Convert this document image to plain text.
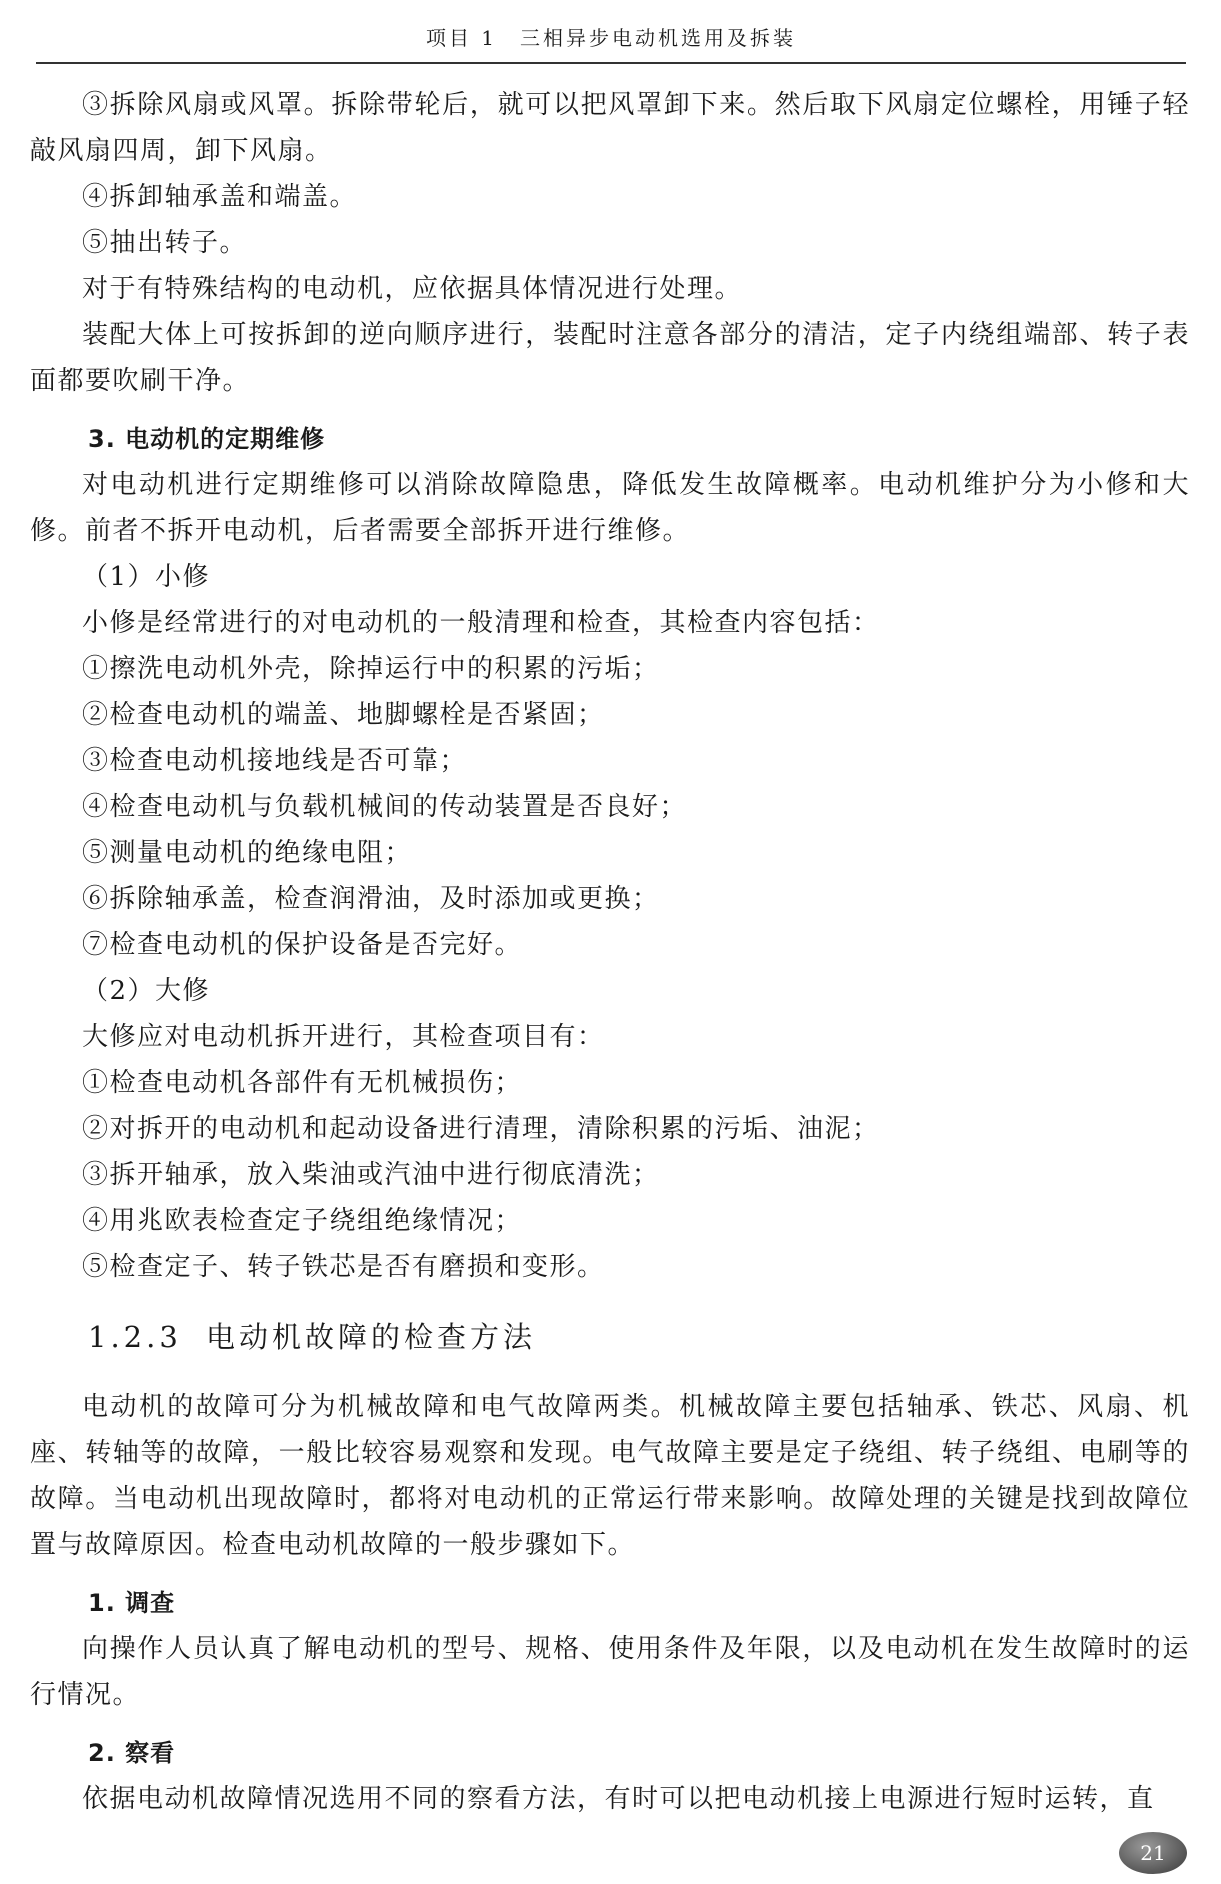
项目 1　三相异步电动机选用及拆装

③拆除风扇或风罩。拆除带轮后，就可以把风罩卸下来。然后取下风扇定位螺栓，用锤子轻敲风扇四周，卸下风扇。

④拆卸轴承盖和端盖。

⑤抽出转子。

对于有特殊结构的电动机，应依据具体情况进行处理。

装配大体上可按拆卸的逆向顺序进行，装配时注意各部分的清洁，定子内绕组端部、转子表面都要吹刷干净。

3. 电动机的定期维修

对电动机进行定期维修可以消除故障隐患，降低发生故障概率。电动机维护分为小修和大修。前者不拆开电动机，后者需要全部拆开进行维修。

（1）小修

小修是经常进行的对电动机的一般清理和检查，其检查内容包括：

①擦洗电动机外壳，除掉运行中的积累的污垢；

②检查电动机的端盖、地脚螺栓是否紧固；

③检查电动机接地线是否可靠；

④检查电动机与负载机械间的传动装置是否良好；

⑤测量电动机的绝缘电阻；

⑥拆除轴承盖，检查润滑油，及时添加或更换；

⑦检查电动机的保护设备是否完好。

（2）大修

大修应对电动机拆开进行，其检查项目有：

①检查电动机各部件有无机械损伤；

②对拆开的电动机和起动设备进行清理，清除积累的污垢、油泥；

③拆开轴承，放入柴油或汽油中进行彻底清洗；

④用兆欧表检查定子绕组绝缘情况；

⑤检查定子、转子铁芯是否有磨损和变形。

1.2.3 电动机故障的检查方法

电动机的故障可分为机械故障和电气故障两类。机械故障主要包括轴承、铁芯、风扇、机座、转轴等的故障，一般比较容易观察和发现。电气故障主要是定子绕组、转子绕组、电刷等的故障。当电动机出现故障时，都将对电动机的正常运行带来影响。故障处理的关键是找到故障位置与故障原因。检查电动机故障的一般步骤如下。

1. 调查

向操作人员认真了解电动机的型号、规格、使用条件及年限，以及电动机在发生故障时的运行情况。

2. 察看

依据电动机故障情况选用不同的察看方法，有时可以把电动机接上电源进行短时运转，直

21
